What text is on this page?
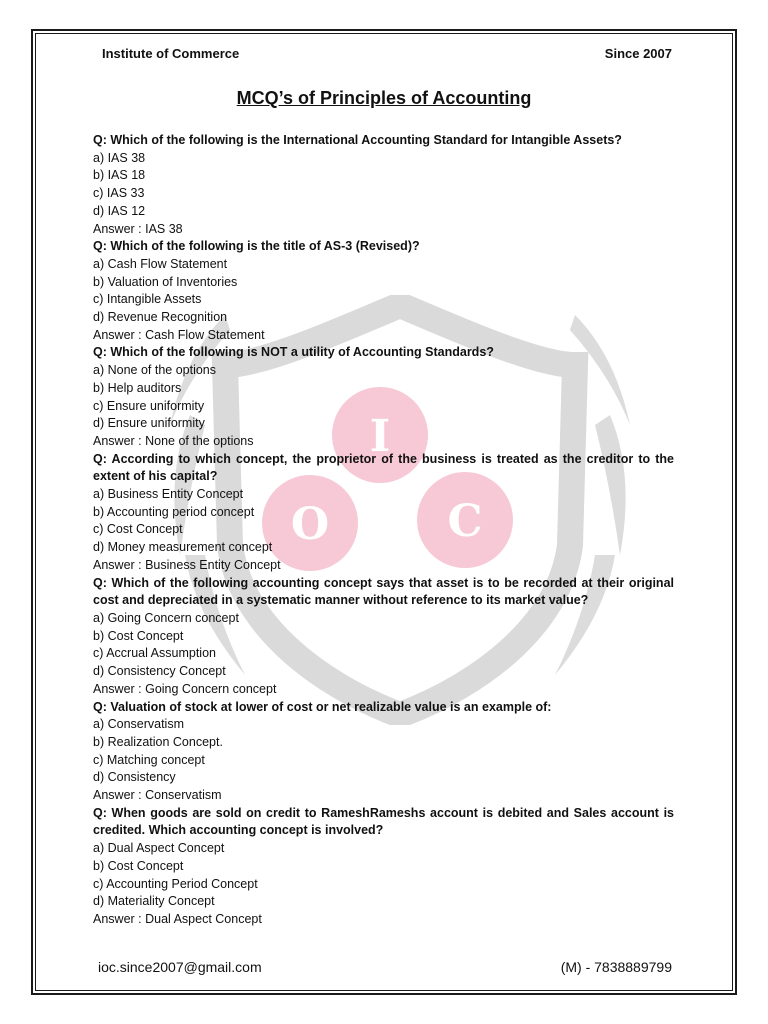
I
O	C
Institute of Commerce	Since 2007
MCQ’s of Principles of Accounting
Q: Which of the following is the International Accounting Standard for Intangible Assets?
a) IAS 38
b) IAS 18
c) IAS 33
d) IAS 12
Answer : IAS 38
Q: Which of the following is the title of AS-3 (Revised)?
a) Cash Flow Statement
b) Valuation of Inventories
c) Intangible Assets
d) Revenue Recognition
Answer : Cash Flow Statement
Q: Which of the following is NOT a utility of Accounting Standards?
a) None of the options
b) Help auditors
c) Ensure uniformity
d) Ensure uniformity
Answer : None of the options
Q: According to which concept, the proprietor of the business is treated as the creditor to the extent of his capital?
a) Business Entity Concept
b) Accounting period concept
c) Cost Concept
d) Money measurement concept
Answer : Business Entity Concept
Q: Which of the following accounting concept says that asset is to be recorded at their original cost and depreciated in a systematic manner without reference to its market value?
a) Going Concern concept
b) Cost Concept
c) Accrual Assumption
d) Consistency Concept
Answer : Going Concern concept
Q: Valuation of stock at lower of cost or net realizable value is an example of:
a) Conservatism
b) Realization Concept.
c) Matching concept
d) Consistency
Answer : Conservatism
Q: When goods are sold on credit to RameshRameshs account is debited and Sales account is credited. Which accounting concept is involved?
a) Dual Aspect Concept
b) Cost Concept
c) Accounting Period Concept
d) Materiality Concept
Answer : Dual Aspect Concept
ioc.since2007@gmail.com	(M) - 7838889799
